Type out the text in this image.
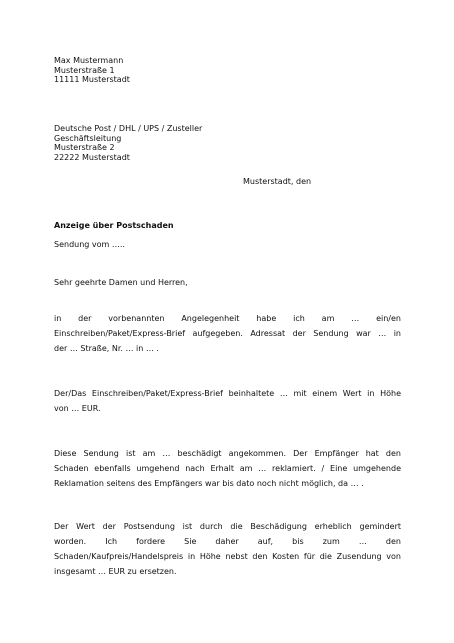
Max Mustermann
Musterstraße 1
11111 Musterstadt
Deutsche Post / DHL / UPS / Zusteller
Geschäftsleitung
Musterstraße 2
22222 Musterstadt
Musterstadt, den
Anzeige über Postschaden
Sendung vom …..
Sehr geehrte Damen und Herren,
in der vorbenannten Angelegenheit habe ich am … ein/en
Einschreiben/Paket/Express-Brief aufgegeben. Adressat der Sendung war … in
der … Straße, Nr. … in … .
Der/Das Einschreiben/Paket/Express-Brief beinhaltete … mit einem Wert in Höhe
von … EUR.
Diese Sendung ist am … beschädigt angekommen. Der Empfänger hat den
Schaden ebenfalls umgehend nach Erhalt am … reklamiert. / Eine umgehende
Reklamation seitens des Empfängers war bis dato noch nicht möglich, da … .
Der Wert der Postsendung ist durch die Beschädigung erheblich gemindert
worden. Ich fordere Sie daher auf, bis zum … den
Schaden/Kaufpreis/Handelspreis in Höhe nebst den Kosten für die Zusendung von
insgesamt … EUR zu ersetzen.
